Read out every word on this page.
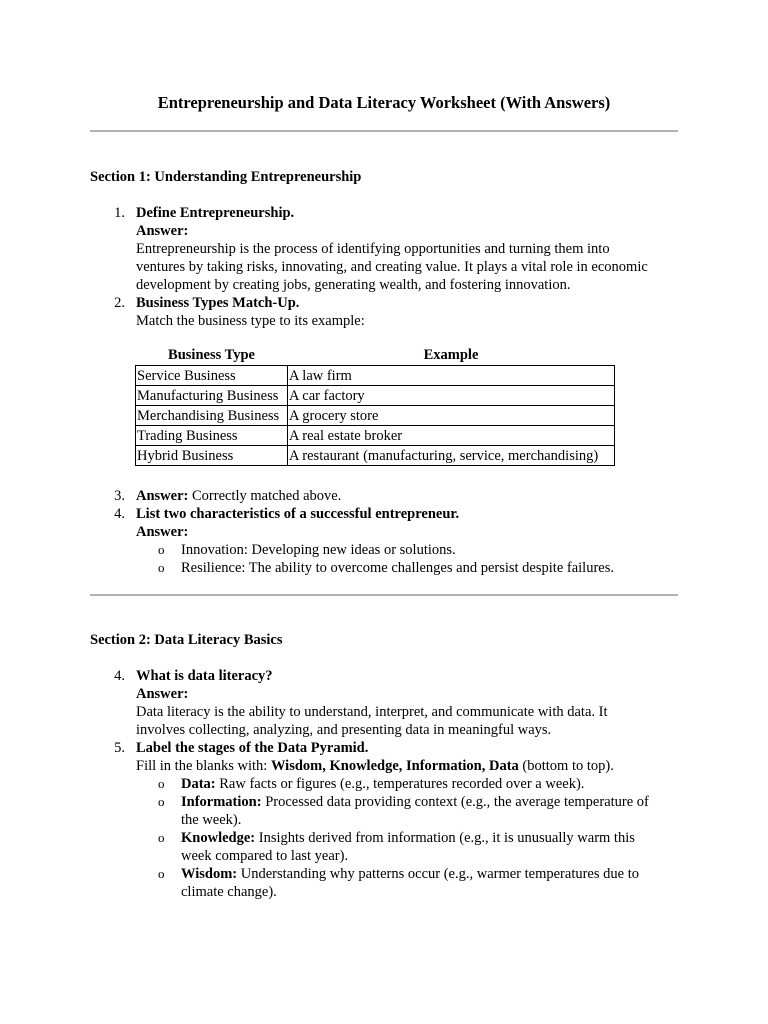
Entrepreneurship and Data Literacy Worksheet (With Answers)
Section 1: Understanding Entrepreneurship
1. Define Entrepreneurship.
Answer:
Entrepreneurship is the process of identifying opportunities and turning them into
ventures by taking risks, innovating, and creating value. It plays a vital role in economic
development by creating jobs, generating wealth, and fostering innovation.
2. Business Types Match-Up.
Match the business type to its example:
Business Type	Example
Service Business	A law firm
Manufacturing Business	A car factory
Merchandising Business	A grocery store
Trading Business	A real estate broker
Hybrid Business	A restaurant (manufacturing, service, merchandising)
3. Answer: Correctly matched above.
4. List two characteristics of a successful entrepreneur.
Answer:
o Innovation: Developing new ideas or solutions.
o Resilience: The ability to overcome challenges and persist despite failures.
Section 2: Data Literacy Basics
4. What is data literacy?
Answer:
Data literacy is the ability to understand, interpret, and communicate with data. It
involves collecting, analyzing, and presenting data in meaningful ways.
5. Label the stages of the Data Pyramid.
Fill in the blanks with: Wisdom, Knowledge, Information, Data (bottom to top).
o Data: Raw facts or figures (e.g., temperatures recorded over a week).
o Information: Processed data providing context (e.g., the average temperature of
the week).
o Knowledge: Insights derived from information (e.g., it is unusually warm this
week compared to last year).
o Wisdom: Understanding why patterns occur (e.g., warmer temperatures due to
climate change).
